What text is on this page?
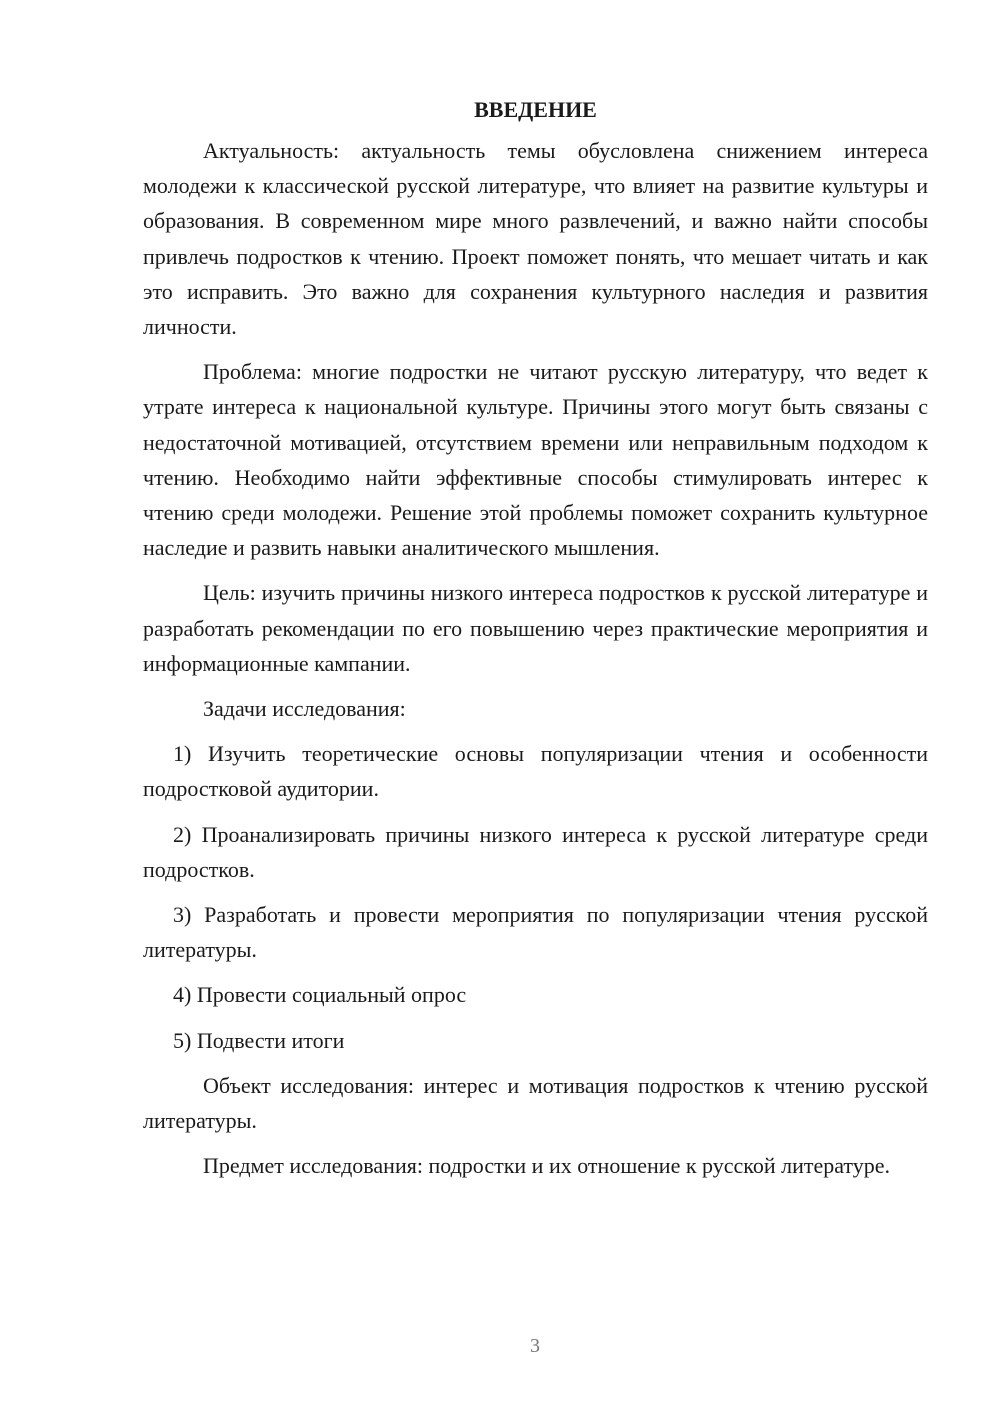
ВВЕДЕНИЕ

Актуальность: актуальность темы обусловлена снижением интереса молодежи к классической русской литературе, что влияет на развитие культуры и образования. В современном мире много развлечений, и важно найти способы привлечь подростков к чтению. Проект поможет понять, что мешает читать и как это исправить. Это важно для сохранения культурного наследия и развития личности.

Проблема: многие подростки не читают русскую литературу, что ведет к утрате интереса к национальной культуре. Причины этого могут быть связаны с недостаточной мотивацией, отсутствием времени или неправильным подходом к чтению. Необходимо найти эффективные способы стимулировать интерес к чтению среди молодежи. Решение этой проблемы поможет сохранить культурное наследие и развить навыки аналитического мышления.

Цель: изучить причины низкого интереса подростков к русской литературе и разработать рекомендации по его повышению через практические мероприятия и информационные кампании.

Задачи исследования:

1) Изучить теоретические основы популяризации чтения и особенности подростковой аудитории.

2) Проанализировать причины низкого интереса к русской литературе среди подростков.

3) Разработать и провести мероприятия по популяризации чтения русской литературы.

4) Провести социальный опрос

5) Подвести итоги

Объект исследования: интерес и мотивация подростков к чтению русской литературы.

Предмет исследования: подростки и их отношение к русской литературе.

3
